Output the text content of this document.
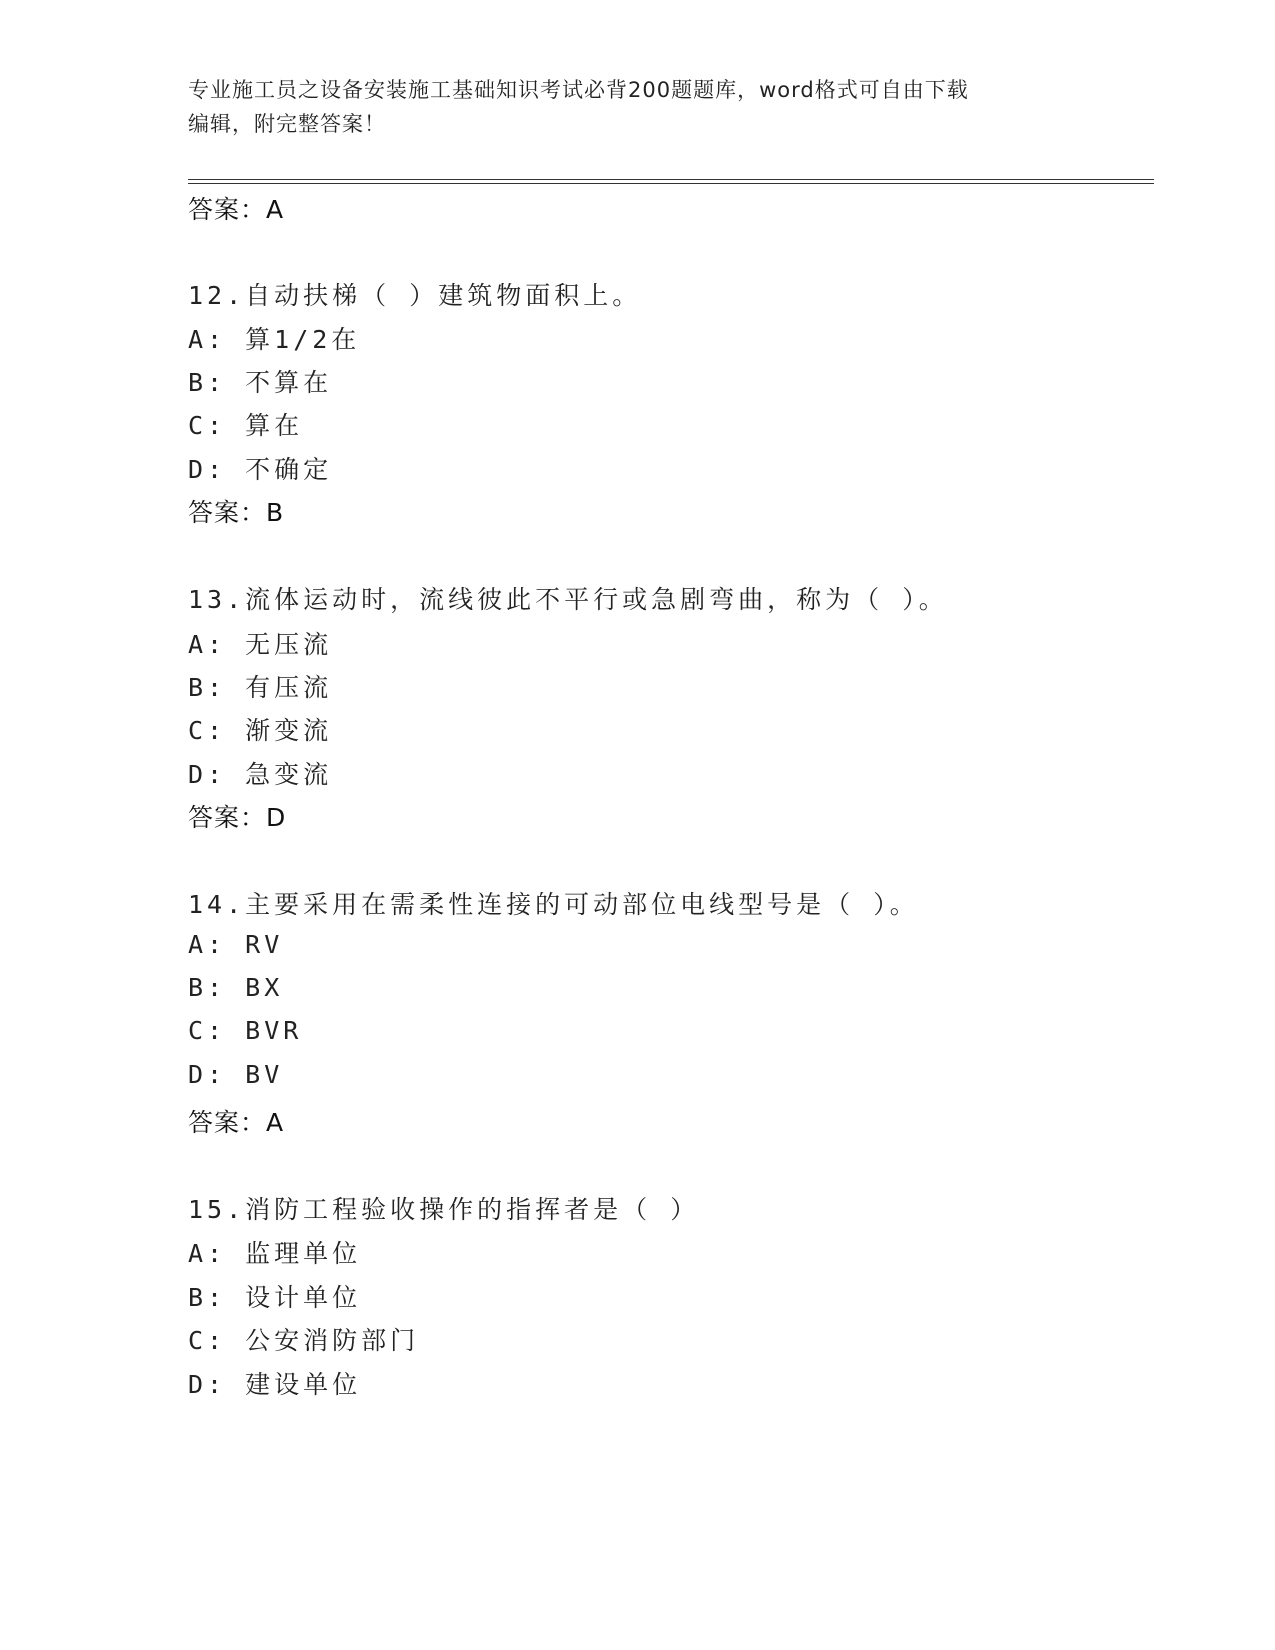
专业施工员之设备安装施工基础知识考试必背200题题库，word格式可自由下载
编辑，附完整答案！
答案：A
12.自动扶梯（ ）建筑物面积上。
A: 算1/2在
B: 不算在
C: 算在
D: 不确定
答案：B
13.流体运动时，流线彼此不平行或急剧弯曲，称为（ ）。
A: 无压流
B: 有压流
C: 渐变流
D: 急变流
答案：D
14.主要采用在需柔性连接的可动部位电线型号是（ ）。
A: RV
B: BX
C: BVR
D: BV
答案：A
15.消防工程验收操作的指挥者是（ ）
A: 监理单位
B: 设计单位
C: 公安消防部门
D: 建设单位
